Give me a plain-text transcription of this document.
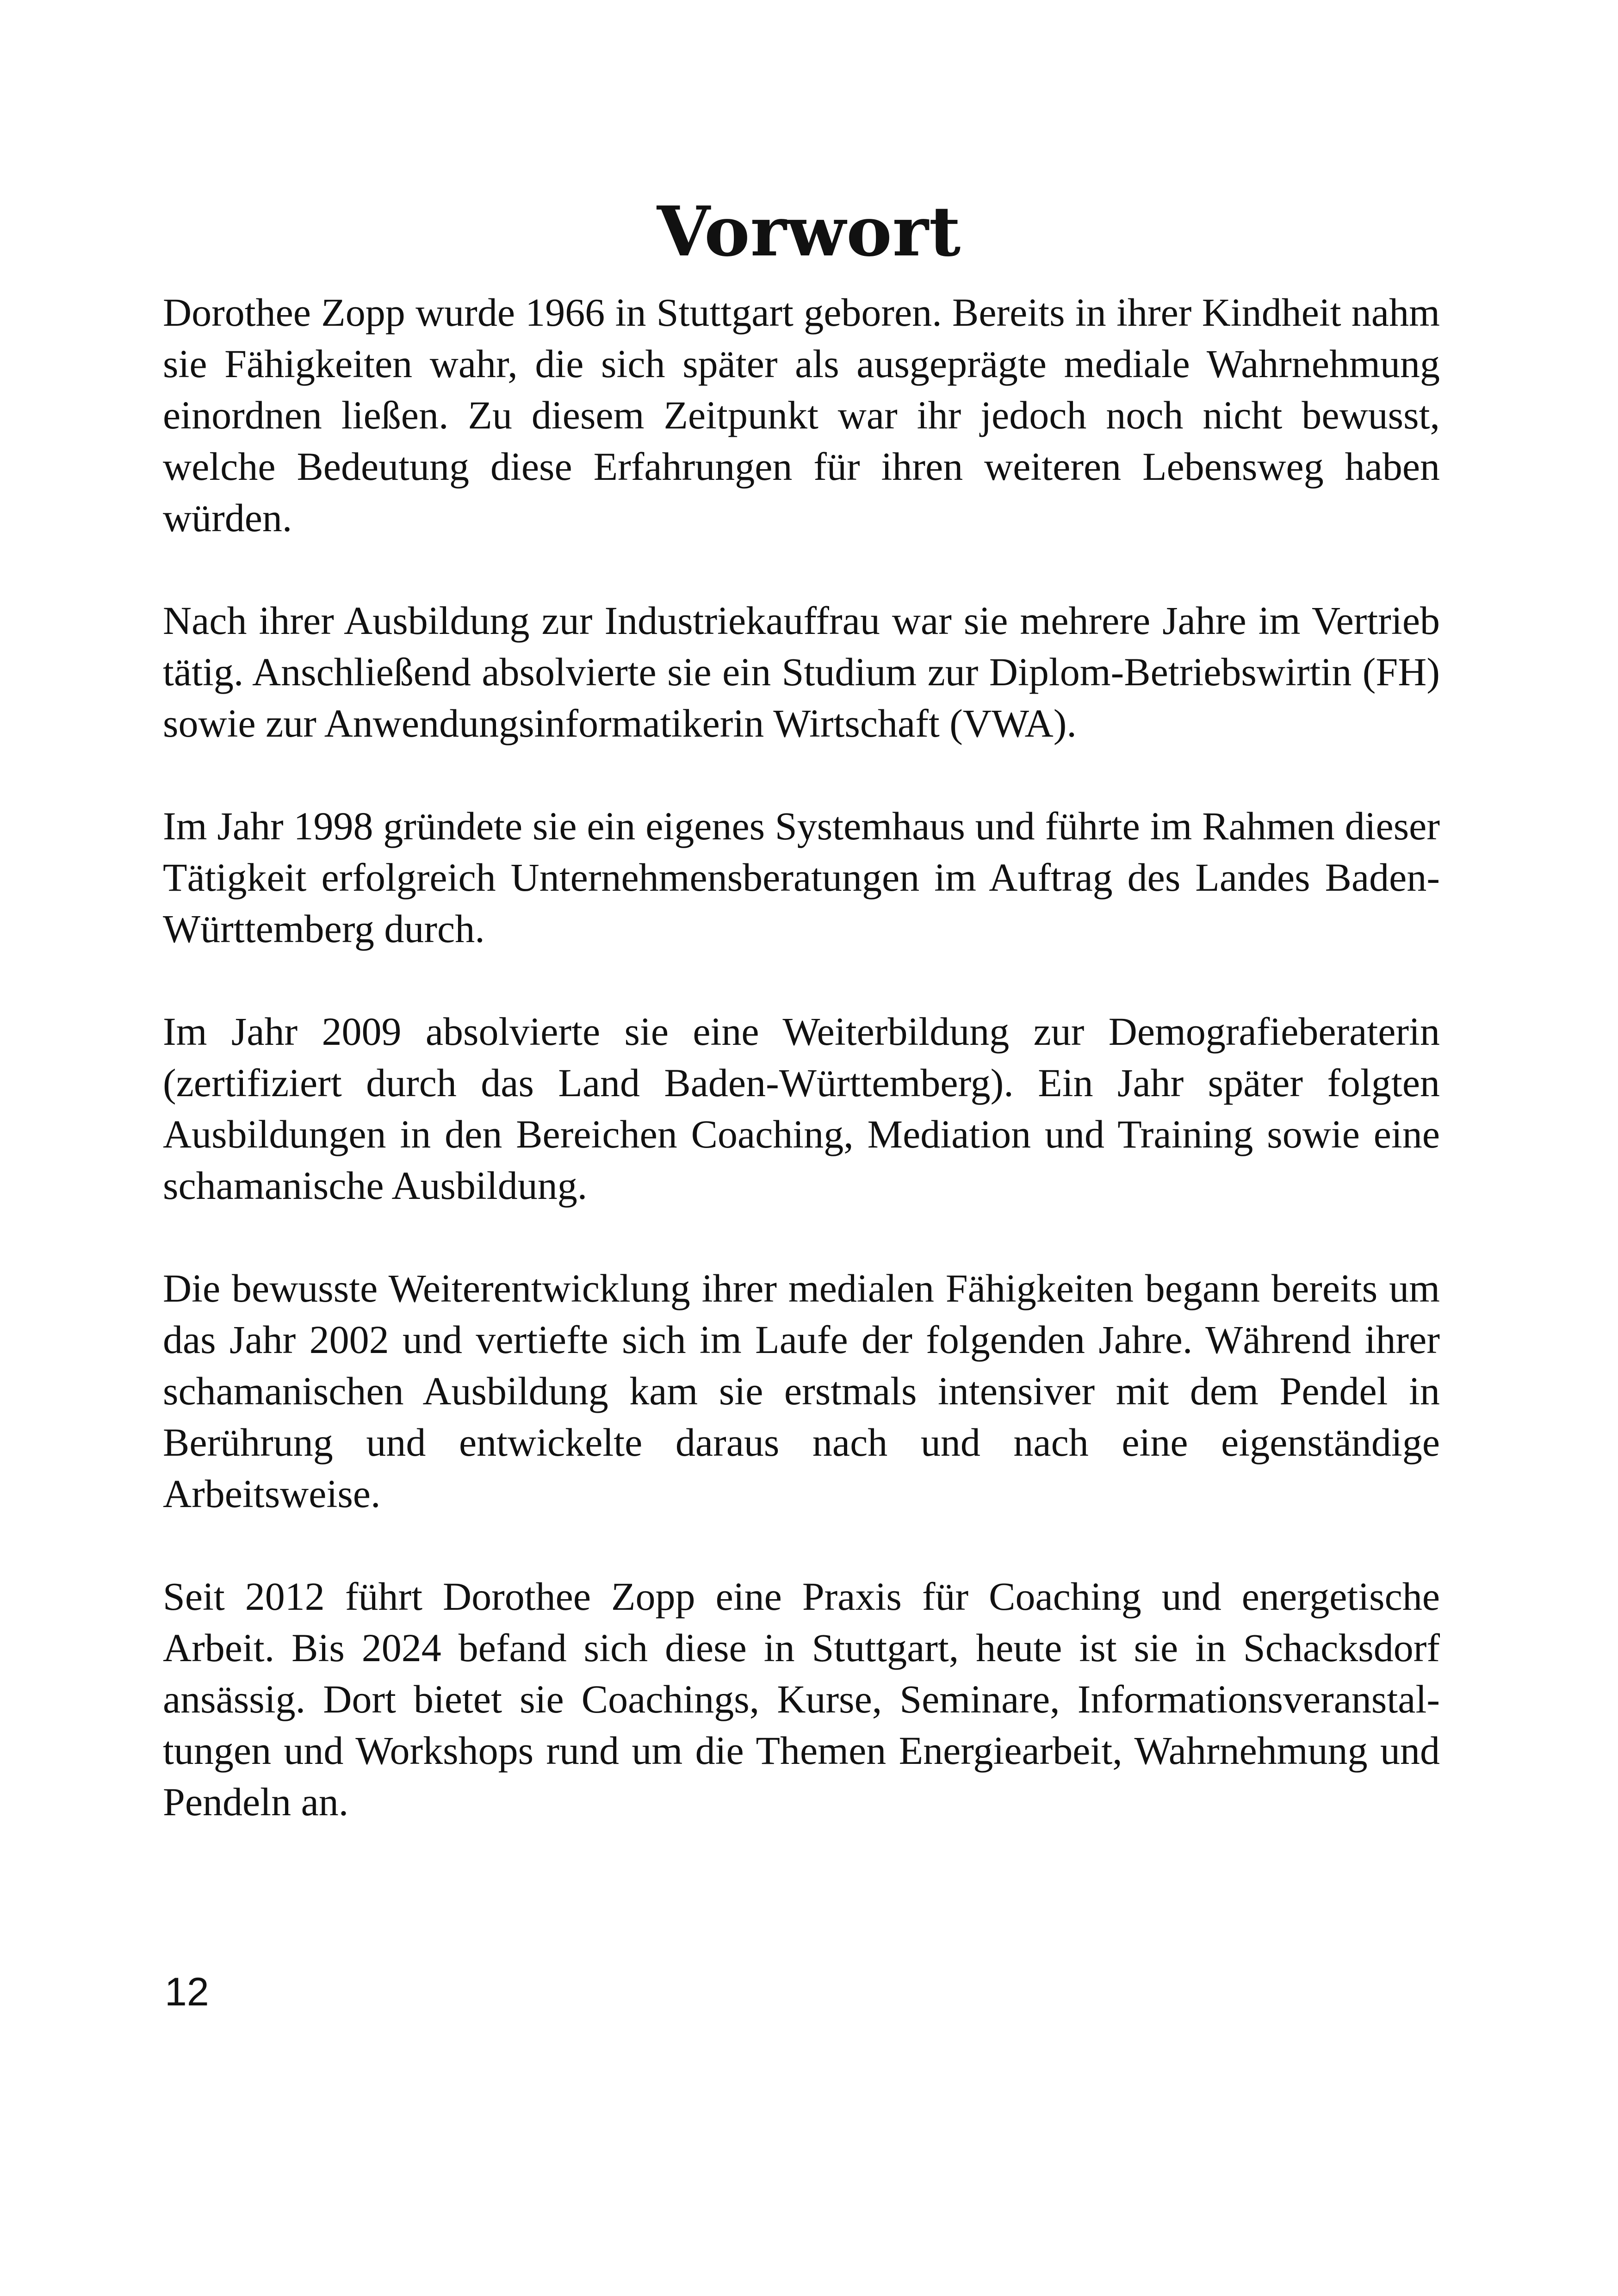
Vorwort

Dorothee Zopp wurde 1966 in Stuttgart geboren. Bereits in ihrer Kindheit nahm sie Fähigkeiten wahr, die sich später als ausgeprägte mediale Wahrnehmung einordnen ließen. Zu diesem Zeitpunkt war ihr jedoch noch nicht bewusst, welche Bedeutung diese Erfahrungen für ihren weiteren Lebensweg haben würden.

Nach ihrer Ausbildung zur Industriekauffrau war sie mehrere Jahre im Vertrieb tätig. Anschließend absolvierte sie ein Studium zur Diplom-Betriebswirtin (FH) sowie zur Anwendungsinformatikerin Wirtschaft (VWA).

Im Jahr 1998 gründete sie ein eigenes Systemhaus und führte im Rahmen dieser Tätigkeit erfolgreich Unternehmensberatungen im Auftrag des Landes Baden-Württemberg durch.

Im Jahr 2009 absolvierte sie eine Weiterbildung zur Demografieberaterin (zertifiziert durch das Land Baden-Württemberg). Ein Jahr später folgten Ausbildungen in den Bereichen Coaching, Mediation und Training sowie eine schamanische Ausbildung.

Die bewusste Weiterentwicklung ihrer medialen Fähigkeiten begann bereits um das Jahr 2002 und vertiefte sich im Laufe der folgenden Jahre. Während ihrer schamanischen Ausbildung kam sie erstmals intensiver mit dem Pendel in Berührung und entwickelte daraus nach und nach eine eigenständige Arbeitsweise.

Seit 2012 führt Dorothee Zopp eine Praxis für Coaching und energetische Arbeit. Bis 2024 befand sich diese in Stuttgart, heute ist sie in Schacksdorf ansässig. Dort bietet sie Coachings, Kurse, Seminare, Informationsveranstaltungen und Workshops rund um die Themen Energiearbeit, Wahrnehmung und Pendeln an.

12
